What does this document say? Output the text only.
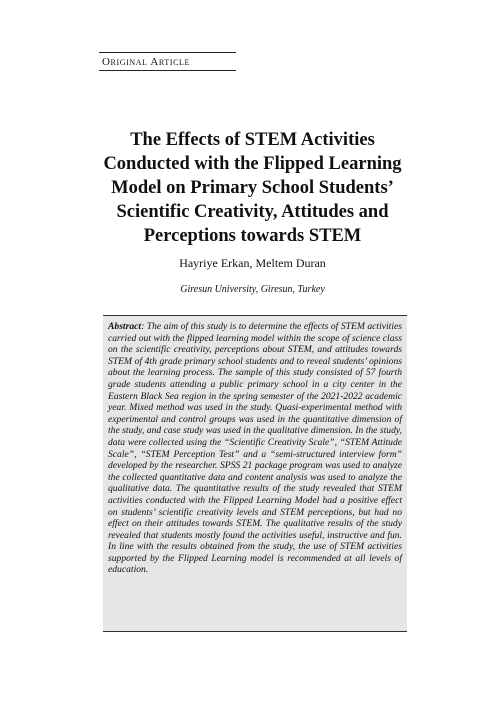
Original Article
The Effects of STEM Activities Conducted with the Flipped Learning Model on Primary School Students’ Scientific Creativity, Attitudes and Perceptions towards STEM
Hayriye Erkan, Meltem Duran
Giresun University, Giresun, Turkey

Abstract: The aim of this study is to determine the effects of STEM activities carried out with the flipped learning model within the scope of science class on the scientific creativity, perceptions about STEM, and attitudes towards STEM of 4th grade primary school students and to reveal students’ opinions about the learning process. The sample of this study consisted of 57 fourth grade students attending a public primary school in a city center in the Eastern Black Sea region in the spring semester of the 2021-2022 academic year. Mixed method was used in the study. Quasi-experimental method with experimental and control groups was used in the quantitative dimension of the study, and case study was used in the qualitative dimension. In the study, data were collected using the “Scientific Creativity Scale”, “STEM Attitude Scale”, “STEM Perception Test” and a “semi-structured interview form” developed by the researcher. SPSS 21 package program was used to analyze the collected quantitative data and content analysis was used to analyze the qualitative data. The quantitative results of the study revealed that STEM activities conducted with the Flipped Learning Model had a positive effect on students’ scientific creativity levels and STEM perceptions, but had no effect on their attitudes towards STEM. The qualitative results of the study revealed that students mostly found the activities useful, instructive and fun. In line with the results obtained from the study, the use of STEM activities supported by the Flipped Learning model is recommended at all levels of education.
